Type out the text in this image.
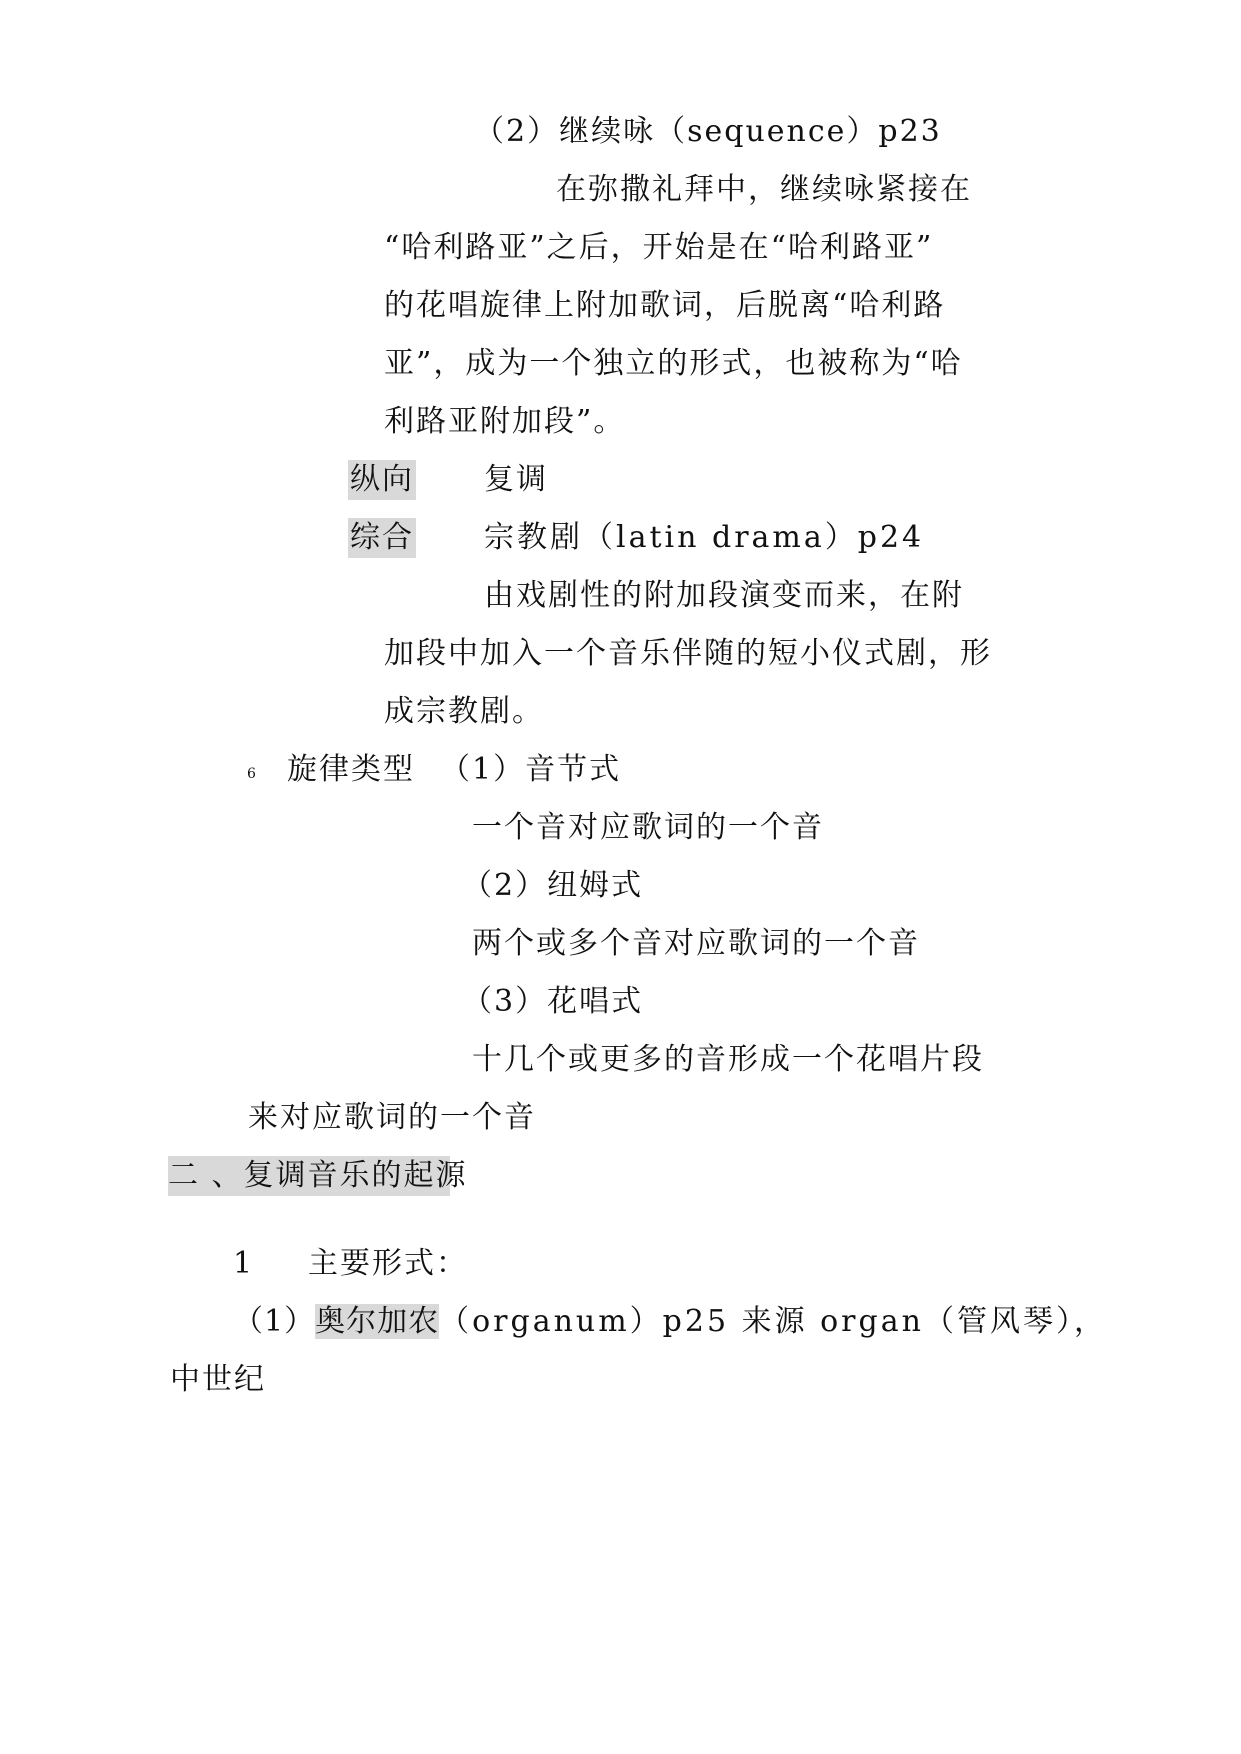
（2）继续咏（sequence）p23
在弥撒礼拜中，继续咏紧接在
“哈利路亚”之后，开始是在“哈利路亚”
的花唱旋律上附加歌词，后脱离“哈利路
亚”，成为一个独立的形式，也被称为“哈
利路亚附加段”。
纵向 复调
综合 宗教剧（latin drama）p24
由戏剧性的附加段演变而来，在附
加段中加入一个音乐伴随的短小仪式剧，形
成宗教剧。
6 旋律类型 （1）音节式
一个音对应歌词的一个音
（2）纽姆式
两个或多个音对应歌词的一个音
（3）花唱式
十几个或更多的音形成一个花唱片段
来对应歌词的一个音
二 、复调音乐的起源
1 主要形式：
（1）奥尔加农（organum）p25 来源 organ（管风琴），
中世纪
